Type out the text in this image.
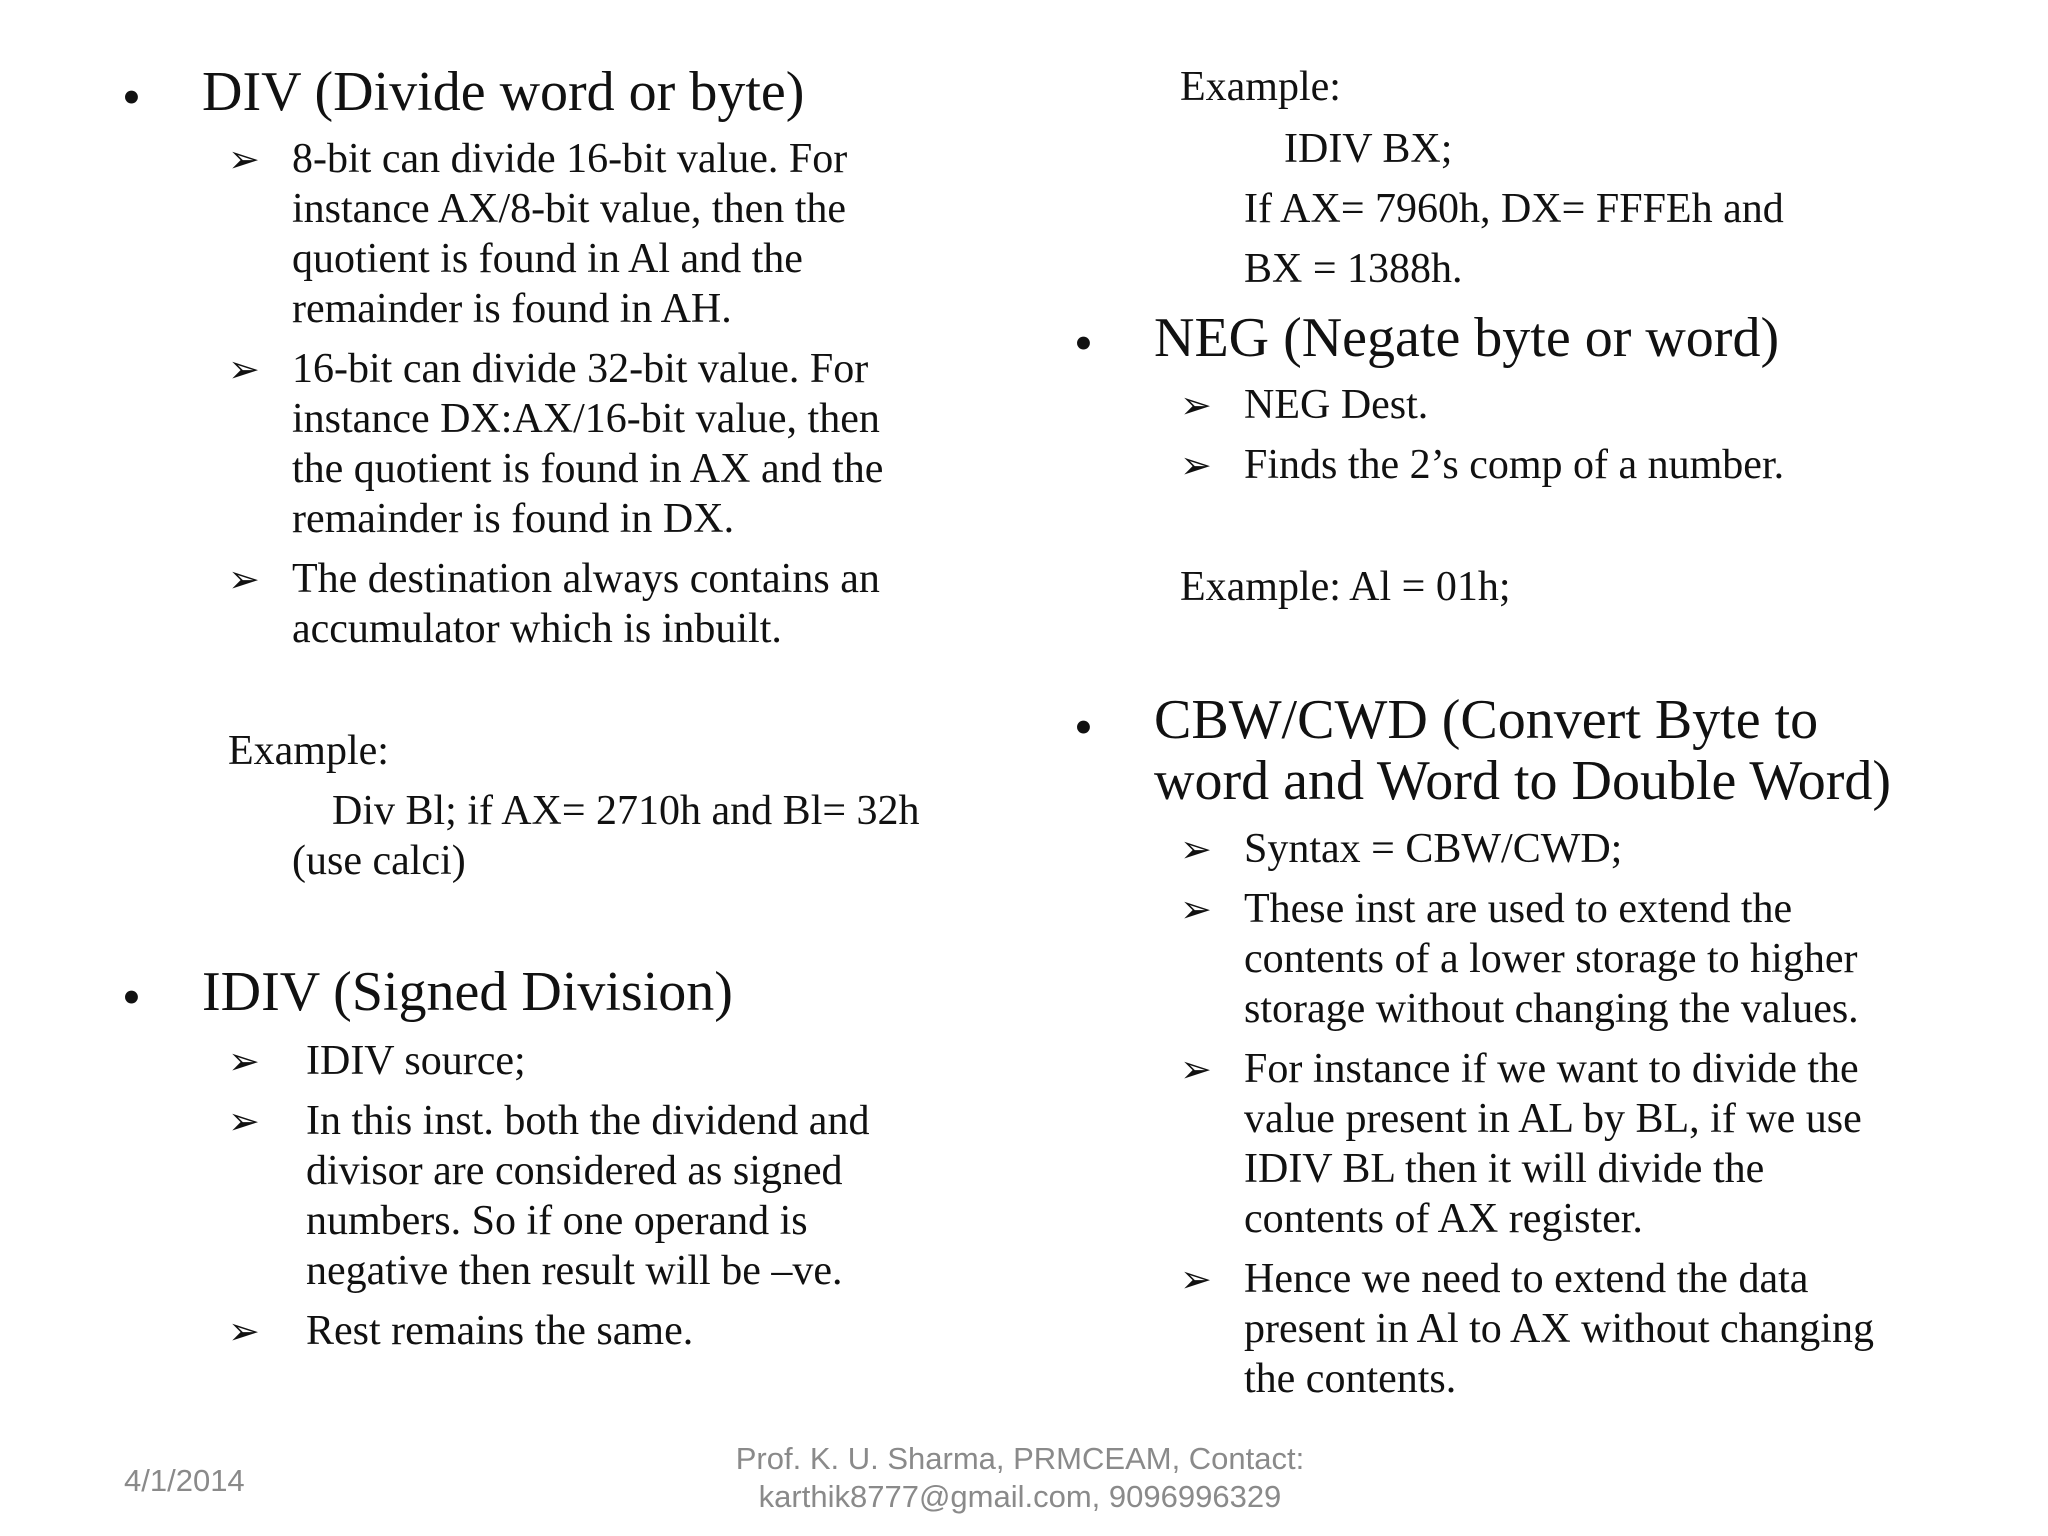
• DIV (Divide word or byte)
➢ 8-bit can divide 16-bit value. For
instance AX/8-bit value, then the
quotient is found in Al and the
remainder is found in AH.
➢ 16-bit can divide 32-bit value. For
instance DX:AX/16-bit value, then
the quotient is found in AX and the
remainder is found in DX.
➢ The destination always contains an
accumulator which is inbuilt.
Example:
Div Bl; if AX= 2710h and Bl= 32h
(use calci)
• IDIV (Signed Division)
➢ IDIV source;
➢ In this inst. both the dividend and
divisor are considered as signed
numbers. So if one operand is
negative then result will be –ve.
➢ Rest remains the same.
Example:
IDIV BX;
If AX= 7960h, DX= FFFEh and
BX = 1388h.
• NEG (Negate byte or word)
➢ NEG Dest.
➢ Finds the 2’s comp of a number.
Example: Al = 01h;
• CBW/CWD (Convert Byte to
word and Word to Double Word)
➢ Syntax = CBW/CWD;
➢ These inst are used to extend the
contents of a lower storage to higher
storage without changing the values.
➢ For instance if we want to divide the
value present in AL by BL, if we use
IDIV BL then it will divide the
contents of AX register.
➢ Hence we need to extend the data
present in Al to AX without changing
the contents.
4/1/2014
Prof. K. U. Sharma, PRMCEAM, Contact:
karthik8777@gmail.com, 9096996329
